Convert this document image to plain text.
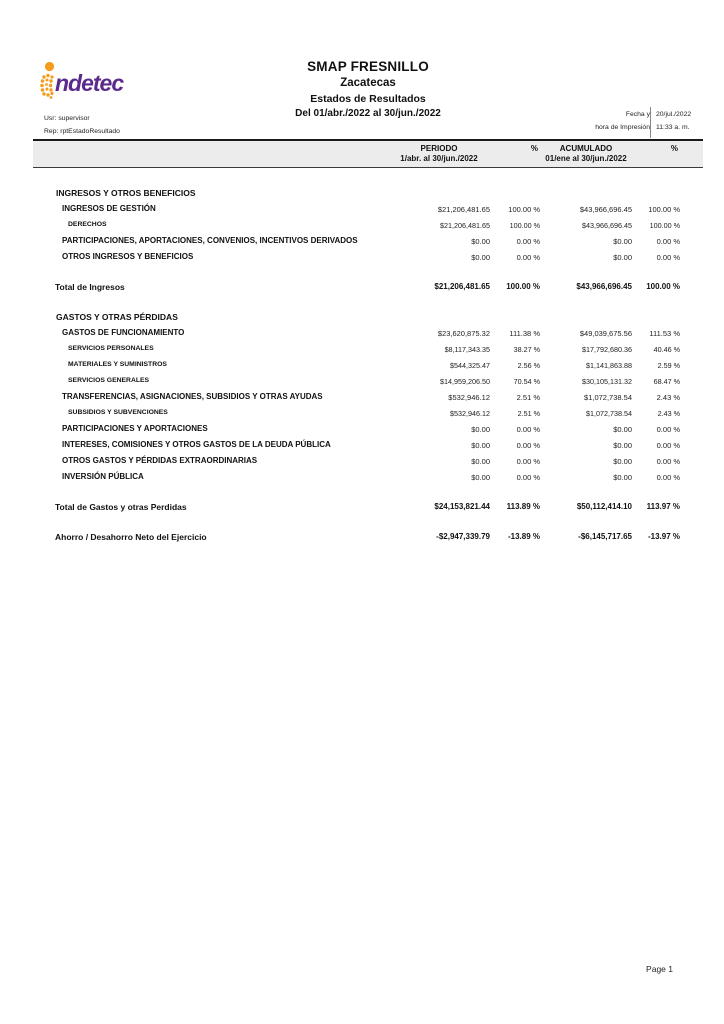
ndetec
SMAP FRESNILLO
Zacatecas
Estados de Resultados
Del 01/abr./2022 al 30/jun./2022
Usr: supervisor
Rep: rptEstadoResultado
Fecha y
hora de Impresión
20/jul./2022
11:33 a. m.
PERIODO	%	ACUMULADO	%
1/abr. al 30/jun./2022	01/ene al 30/jun./2022
INGRESOS Y OTROS BENEFICIOS
INGRESOS DE GESTIÓN	$21,206,481.65	100.00 %	$43,966,696.45	100.00 %
DERECHOS	$21,206,481.65	100.00 %	$43,966,696.45	100.00 %
PARTICIPACIONES, APORTACIONES, CONVENIOS, INCENTIVOS DERIVADOS	$0.00	0.00 %	$0.00	0.00 %
OTROS INGRESOS Y BENEFICIOS	$0.00	0.00 %	$0.00	0.00 %
Total de Ingresos	$21,206,481.65	100.00 %	$43,966,696.45	100.00 %
GASTOS Y OTRAS PÉRDIDAS
GASTOS DE FUNCIONAMIENTO	$23,620,875.32	111.38 %	$49,039,675.56	111.53 %
SERVICIOS PERSONALES	$8,117,343.35	38.27 %	$17,792,680.36	40.46 %
MATERIALES Y SUMINISTROS	$544,325.47	2.56 %	$1,141,863.88	2.59 %
SERVICIOS GENERALES	$14,959,206.50	70.54 %	$30,105,131.32	68.47 %
TRANSFERENCIAS, ASIGNACIONES, SUBSIDIOS Y OTRAS AYUDAS	$532,946.12	2.51 %	$1,072,738.54	2.43 %
SUBSIDIOS Y SUBVENCIONES	$532,946.12	2.51 %	$1,072,738.54	2.43 %
PARTICIPACIONES Y APORTACIONES	$0.00	0.00 %	$0.00	0.00 %
INTERESES, COMISIONES Y OTROS GASTOS DE LA DEUDA PÚBLICA	$0.00	0.00 %	$0.00	0.00 %
OTROS GASTOS Y PÉRDIDAS EXTRAORDINARIAS	$0.00	0.00 %	$0.00	0.00 %
INVERSIÓN PÚBLICA	$0.00	0.00 %	$0.00	0.00 %
Total de Gastos y otras Perdidas	$24,153,821.44	113.89 %	$50,112,414.10	113.97 %
Ahorro / Desahorro Neto del Ejercicio	-$2,947,339.79	-13.89 %	-$6,145,717.65	-13.97 %
Page 1
